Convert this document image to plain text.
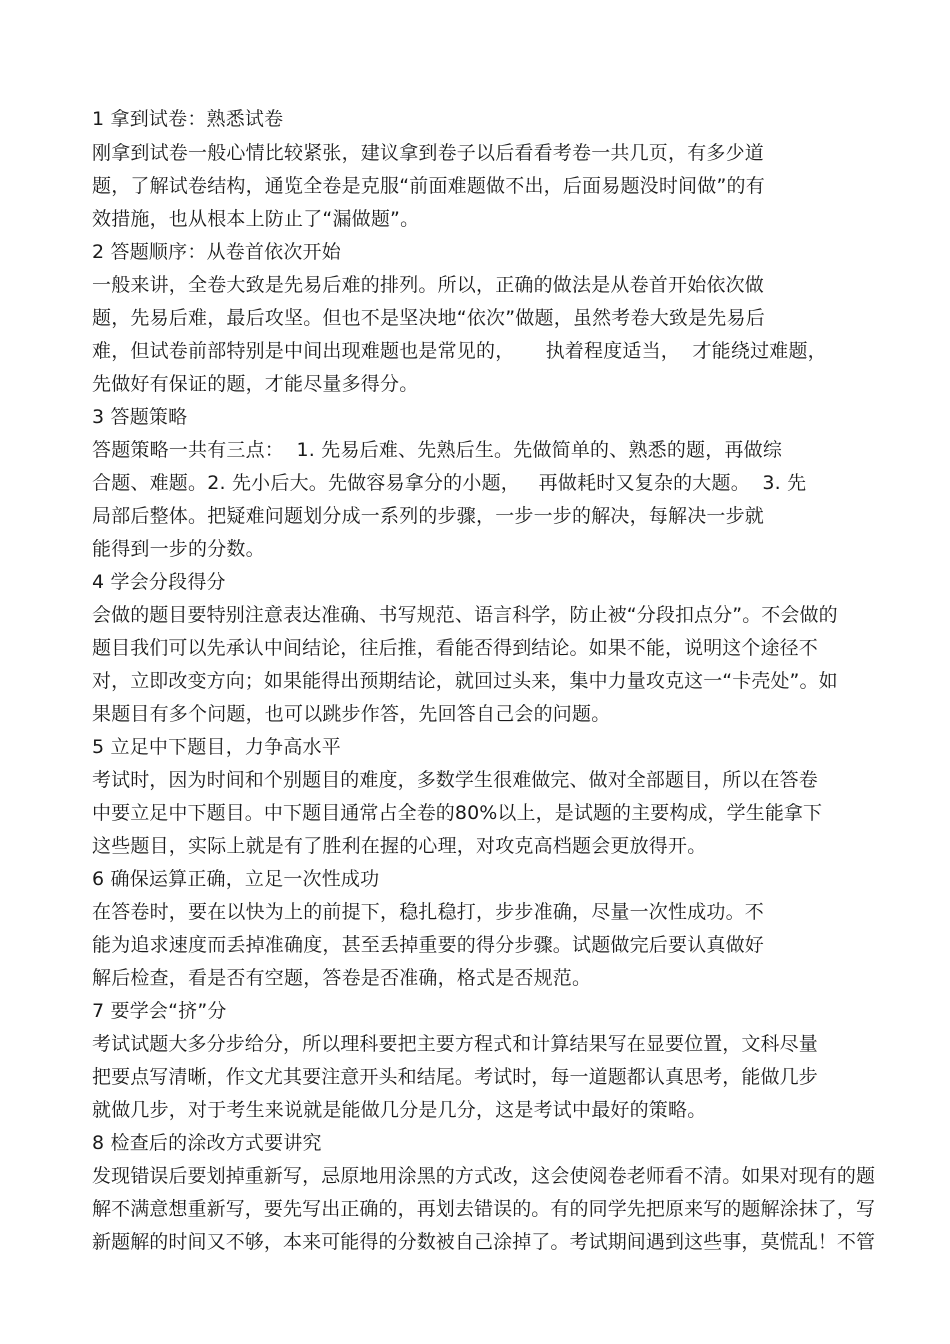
1 拿到试卷：熟悉试卷
刚拿到试卷一般心情比较紧张，建议拿到卷子以后看看考卷一共几页，有多少道
题，了解试卷结构，通览全卷是克服“前面难题做不出，后面易题没时间做”的有
效措施，也从根本上防止了“漏做题”。
2 答题顺序：从卷首依次开始
一般来讲，全卷大致是先易后难的排列。所以，正确的做法是从卷首开始依次做
题，先易后难，最后攻坚。但也不是坚决地“依次”做题，虽然考卷大致是先易后
难，但试卷前部特别是中间出现难题也是常见的，     执着程度适当，  才能绕过难题，
先做好有保证的题，才能尽量多得分。
3 答题策略
答题策略一共有三点：  1. 先易后难、先熟后生。先做简单的、熟悉的题，再做综
合题、难题。2. 先小后大。先做容易拿分的小题，   再做耗时又复杂的大题。  3. 先
局部后整体。把疑难问题划分成一系列的步骤，一步一步的解决，每解决一步就
能得到一步的分数。
4 学会分段得分
会做的题目要特别注意表达准确、书写规范、语言科学，防止被“分段扣点分”。不会做的
题目我们可以先承认中间结论，往后推，看能否得到结论。如果不能，说明这个途径不
对，立即改变方向；如果能得出预期结论，就回过头来，集中力量攻克这一“卡壳处”。如
果题目有多个问题，也可以跳步作答，先回答自己会的问题。
5 立足中下题目，力争高水平
考试时，因为时间和个别题目的难度，多数学生很难做完、做对全部题目，所以在答卷
中要立足中下题目。中下题目通常占全卷的80%以上，是试题的主要构成，学生能拿下
这些题目，实际上就是有了胜利在握的心理，对攻克高档题会更放得开。
6 确保运算正确，立足一次性成功
在答卷时，要在以快为上的前提下，稳扎稳打，步步准确，尽量一次性成功。不
能为追求速度而丢掉准确度，甚至丢掉重要的得分步骤。试题做完后要认真做好
解后检查，看是否有空题，答卷是否准确，格式是否规范。
7 要学会“挤”分
考试试题大多分步给分，所以理科要把主要方程式和计算结果写在显要位置，文科尽量
把要点写清晰，作文尤其要注意开头和结尾。考试时，每一道题都认真思考，能做几步
就做几步，对于考生来说就是能做几分是几分，这是考试中最好的策略。
8 检查后的涂改方式要讲究
发现错误后要划掉重新写，忌原地用涂黑的方式改，这会使阅卷老师看不清。如果对现有的题
解不满意想重新写，要先写出正确的，再划去错误的。有的同学先把原来写的题解涂抹了，写
新题解的时间又不够，本来可能得的分数被自己涂掉了。考试期间遇到这些事，莫慌乱！不管
